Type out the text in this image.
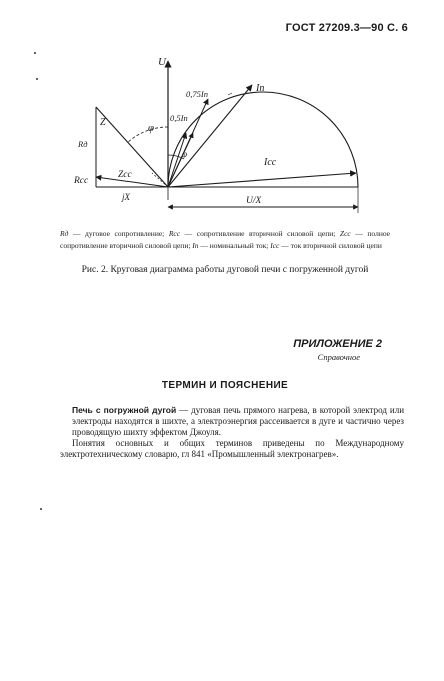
ГОСТ 27209.3—90 С. 6
U
U/X
jX
Z
Zcc
Rд
Rcc
φ
φ
In
Icc
0,75In
0,5In
Rд — дуговое сопротивление; Rcc — сопротивление вторичной силовой цепи; Zcc — полное сопротивление вторичной силовой цепи; In — номинальный ток; Icc — ток вторичной силовой цепи
Рис. 2. Круговая диаграмма работы дуговой печи с погруженной дугой
ПРИЛОЖЕНИЕ 2
Справочное
ТЕРМИН И ПОЯСНЕНИЕ
Печь с погружной дугой — дуговая печь прямого нагрева, в которой электрод или электроды находятся в шихте, а электроэнергия рассеивается в дуге и частично через проводящую шихту эффектом Джоуля.
Понятия основных и общих терминов приведены по Международному электротехническому словарю, гл 841 «Промышленный электронагрев».
